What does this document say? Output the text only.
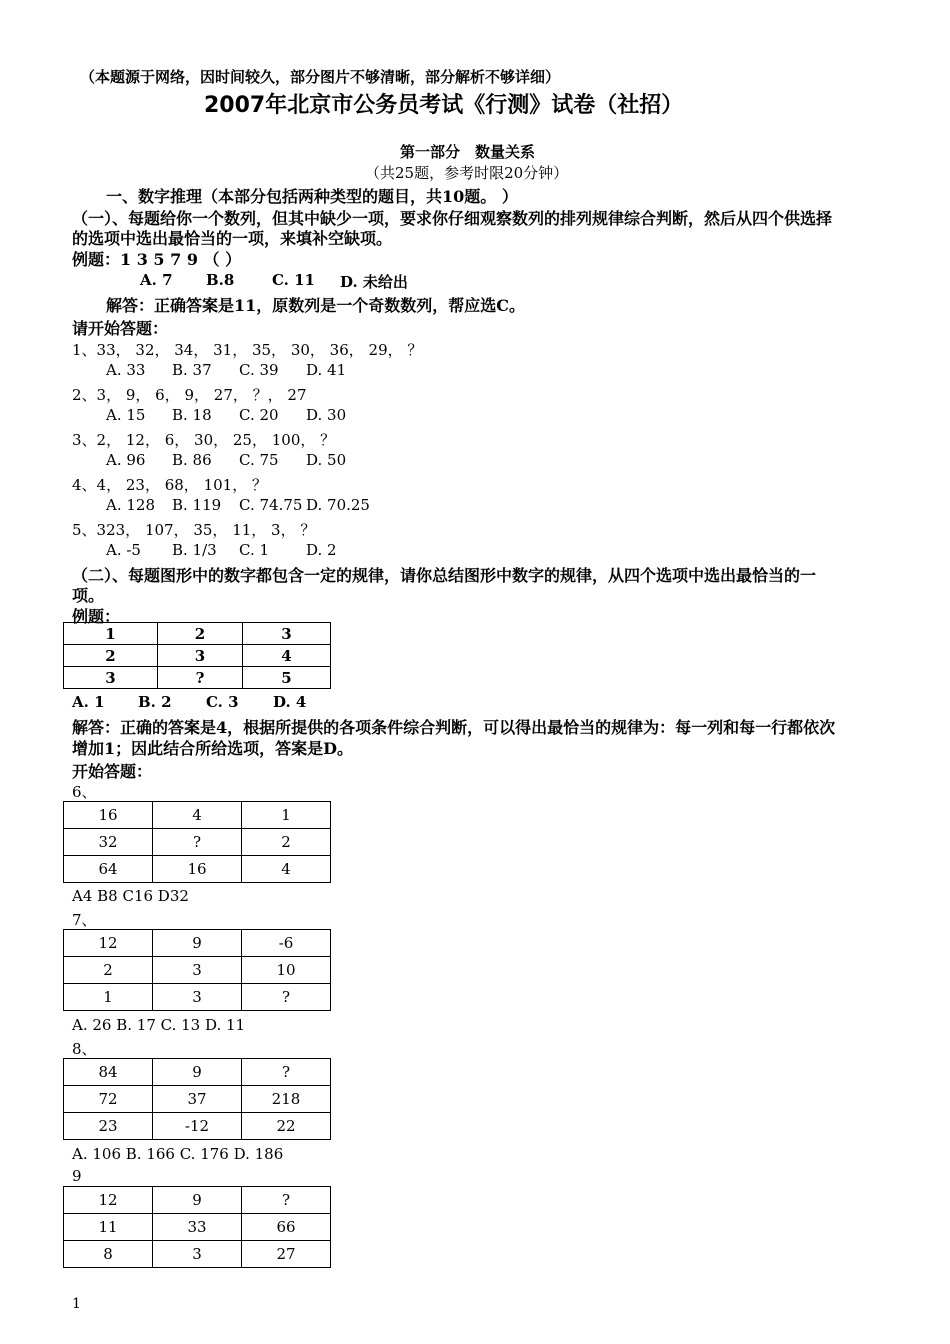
（本题源于网络，因时间较久，部分图片不够清晰，部分解析不够详细）
2007年北京市公务员考试《行测》试卷（社招）
第一部分　数量关系
（共25题，参考时限20分钟）
一、数字推理（本部分包括两种类型的题目，共10题。 ）
（一）、每题给你一个数列，但其中缺少一项，要求你仔细观察数列的排列规律综合判断，然后从四个供选择
的选项中选出最恰当的一项，来填补空缺项。
例题：1 3 5 7 9 （ ）
A. 7 B.8	C. 11 D. 未给出
解答：正确答案是11，原数列是一个奇数数列，帮应选C。
请开始答题：
1、33， 32， 34， 31， 35， 30， 36， 29， ？
A. 33 B. 37 C. 39 D. 41
2、3， 9， 6， 9， 27， ？， 27
A. 15 B. 18 C. 20 D. 30
3、2， 12， 6， 30， 25， 100， ？
A. 96 B. 86 C. 75 D. 50
4、4， 23， 68， 101， ？
A. 128 B. 119 C. 74.75 D. 70.25
5、323， 107， 35， 11， 3， ？
A. -5 B. 1/3 C. 1 D. 2
（二）、每题图形中的数字都包含一定的规律，请你总结图形中数字的规律，从四个选项中选出最恰当的一
项。
例题：
1	2	3
2	3	4
3	?	5
A. 1 B. 2 C. 3 D. 4
解答：正确的答案是4，根据所提供的各项条件综合判断，可以得出最恰当的规律为：每一列和每一行都依次
增加1；因此结合所给选项，答案是D。
开始答题：
6、
16	4	1
32	?	2
64	16	4
A4 B8 C16 D32
7、
12	9	-6
2	3	10
1	3	?
A. 26 B. 17 C. 13 D. 11
8、
84	9	?
72	37	218
23	-12	22
A. 106 B. 166 C. 176 D. 186
9
12	9	?
11	33	66
8	3	27
1
